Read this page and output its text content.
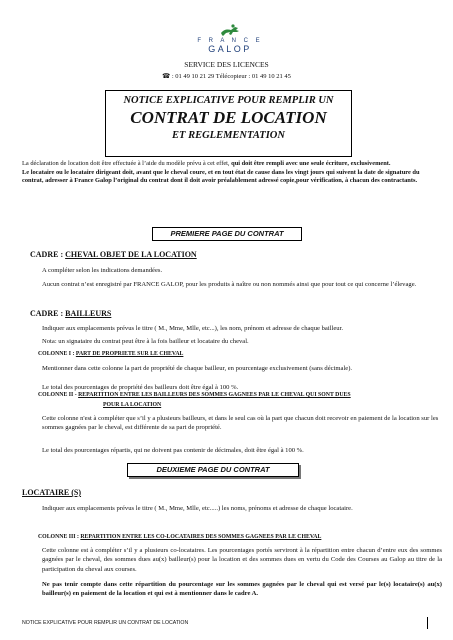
F R A N C E
GALOP
SERVICE DES LICENCES
☎ : 01 49 10 21 29 Télécopieur : 01 49 10 21 45
NOTICE EXPLICATIVE POUR REMPLIR UN
CONTRAT DE LOCATION
ET REGLEMENTATION
La déclaration de location doit être effectuée à l’aide du modèle prévu à cet effet, qui doit être rempli avec une seule écriture, exclusivement.
Le locataire ou le locataire dirigeant doit, avant que le cheval coure, et en tout état de cause dans les vingt jours qui suivent la date de signature du contrat, adresser à France Galop l’original du contrat dont il doit avoir préalablement adressé copie,pour vérification, à chacun des contractants.
PREMIERE PAGE DU CONTRAT
CADRE : CHEVAL OBJET DE LA LOCATION
A compléter selon les indications demandées.
Aucun contrat n’est enregistré par FRANCE GALOP, pour les produits à naître ou non nommés ainsi que pour tout ce qui concerne l’élevage.
CADRE : BAILLEURS
Indiquer aux emplacements prévus le titre ( M., Mme, Mlle, etc...), les nom, prénom et adresse de chaque bailleur.
Nota: un signataire du contrat peut être à la fois bailleur et locataire du cheval.
COLONNE I : PART DE PROPRIETE SUR LE CHEVAL
Mentionner dans cette colonne la part de propriété de chaque bailleur, en pourcentage exclusivement (sans décimale).
Le total des pourcentages de propriété des bailleurs doit être égal à 100 %.
COLONNE II - REPARTITION ENTRE LES BAILLEURS DES SOMMES GAGNEES PAR LE CHEVAL QUI SONT DUES
POUR LA LOCATION
Cette colonne n'est à compléter que s’il y a plusieurs bailleurs, et dans le seul cas où la part que chacun doit recevoir en paiement de la location sur les sommes gagnées par le cheval, est différente de sa part de propriété.
Le total des pourcentages répartis, qui ne doivent pas contenir de décimales, doit être égal à 100 %.
DEUXIEME PAGE DU CONTRAT
LOCATAIRE (S)
Indiquer aux emplacements prévus le titre ( M., Mme, Mlle, etc.....) les noms, prénoms et adresse de chaque locataire.
COLONNE III : REPARTITION ENTRE LES CO-LOCATAIRES DES SOMMES GAGNEES PAR LE CHEVAL
Cette colonne est à compléter s’il y a plusieurs co-locataires. Les pourcentages portés serviront à la répartition entre chacun d’entre eux des sommes gagnées par le cheval, des sommes dues au(x) bailleur(s) pour la location et des sommes dues en vertu du Code des Courses au Galop au titre de la participation du cheval aux courses.
Ne pas tenir compte dans cette répartition du pourcentage sur les sommes gagnées par le cheval qui est versé par le(s) locataire(s) au(x) bailleur(s) en paiement de la location et qui est à mentionner dans le cadre A.
NOTICE EXPLICATIVE POUR REMPLIR UN CONTRAT DE LOCATION
